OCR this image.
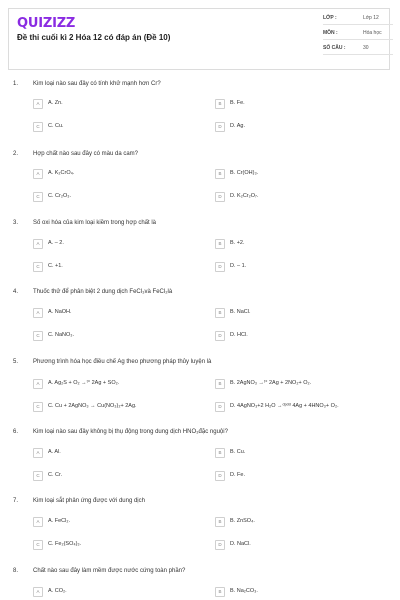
QUIZIZZ
Đề thi cuối kì 2 Hóa 12 có đáp án (Đề 10)
LỚP :	Lớp 12
MÔN :	Hóa học
SỐ CÂU :	30
1. Kim loại nào sau đây có tính khử mạnh hơn Cr?
A	A. Zn.	B	B. Fe.
C	C. Cu.	D	D. Ag.
2. Hợp chất nào sau đây có màu da cam?
A	A. K₂CrO₄.	B	B. Cr(OH)₃.
C	C. Cr₂O₃.	D	D. K₂Cr₂O₇.
3. Số oxi hóa của kim loại kiềm trong hợp chất là
A	A. – 2.	B	B. +2.
C	C. +1.	D	D. – 1.
4. Thuốc thử để phân biệt 2 dung dịch FeCl₃và FeCl₂là
A	A. NaOH.	B	B. NaCl.
C	C. NaNO₃.	D	D. HCl.
5. Phương trình hóa học điều chế Ag theo phương pháp thủy luyện là
A	A. Ag₂S + O₂ →ᵗ° 2Ag + SO₂.	B	B. 2AgNO₃ →ᵗ° 2Ag + 2NO₂+ O₂.
C	C. Cu + 2AgNO₃ → Cu(NO₃)₂+ 2Ag.	D	D. 4AgNO₃+2 H₂O →ᵈᵖᵈᵈ 4Ag + 4HNO₃+ O₂.
6. Kim loại nào sau đây không bị thụ động trong dung dịch HNO₃đặc nguội?
A	A. Al.	B	B. Cu.
C	C. Cr.	D	D. Fe.
7. Kim loại sắt phản ứng được với dung dịch
A	A. FeCl₂.	B	B. ZnSO₄.
C	C. Fe₂(SO₄)₃.	D	D. NaCl.
8. Chất nào sau đây làm mềm được nước cứng toàn phần?
A	A. CO₂.	B	B. Na₂CO₃.
